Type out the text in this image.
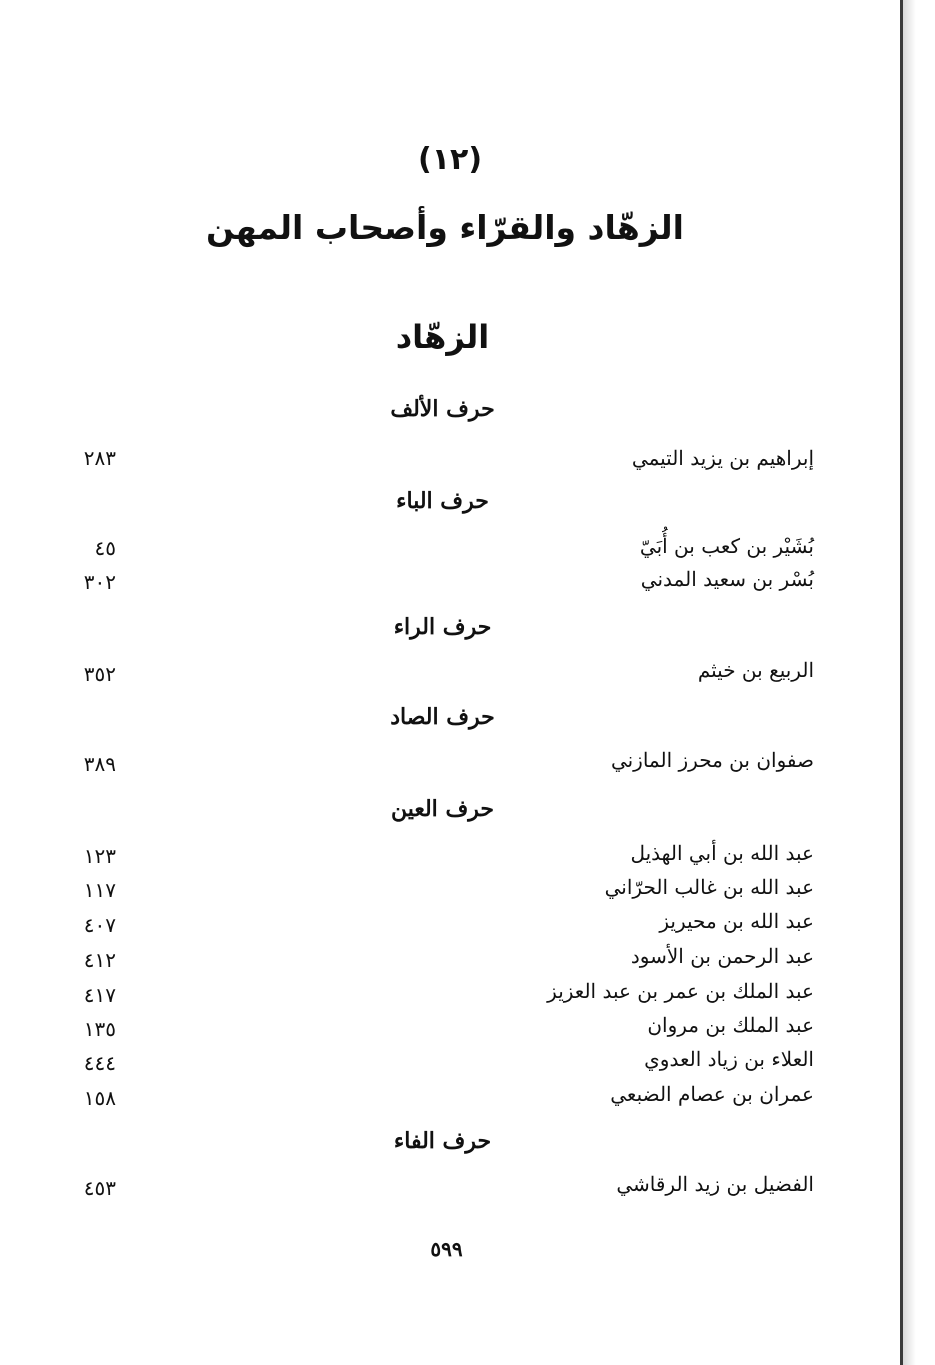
(١٢)
الزهّاد والقرّاء وأصحاب المهن
الزهّاد
حرف الألف
إبراهيم بن يزيد التيمي
٢٨٣
حرف الباء
بُشَيْر بن كعب بن أُبَيّ
٤٥
بُسْر بن سعيد المدني
٣٠٢
حرف الراء
الربيع بن خيثم
٣٥٢
حرف الصاد
صفوان بن محرز المازني
٣٨٩
حرف العين
عبد الله بن أبي الهذيل
١٢٣
عبد الله بن غالب الحرّاني
١١٧
عبد الله بن محيريز
٤٠٧
عبد الرحمن بن الأسود
٤١٢
عبد الملك بن عمر بن عبد العزيز
٤١٧
عبد الملك بن مروان
١٣٥
العلاء بن زياد العدوي
٤٤٤
عمران بن عصام الضبعي
١٥٨
حرف الفاء
الفضيل بن زيد الرقاشي
٤٥٣
٥٩٩
